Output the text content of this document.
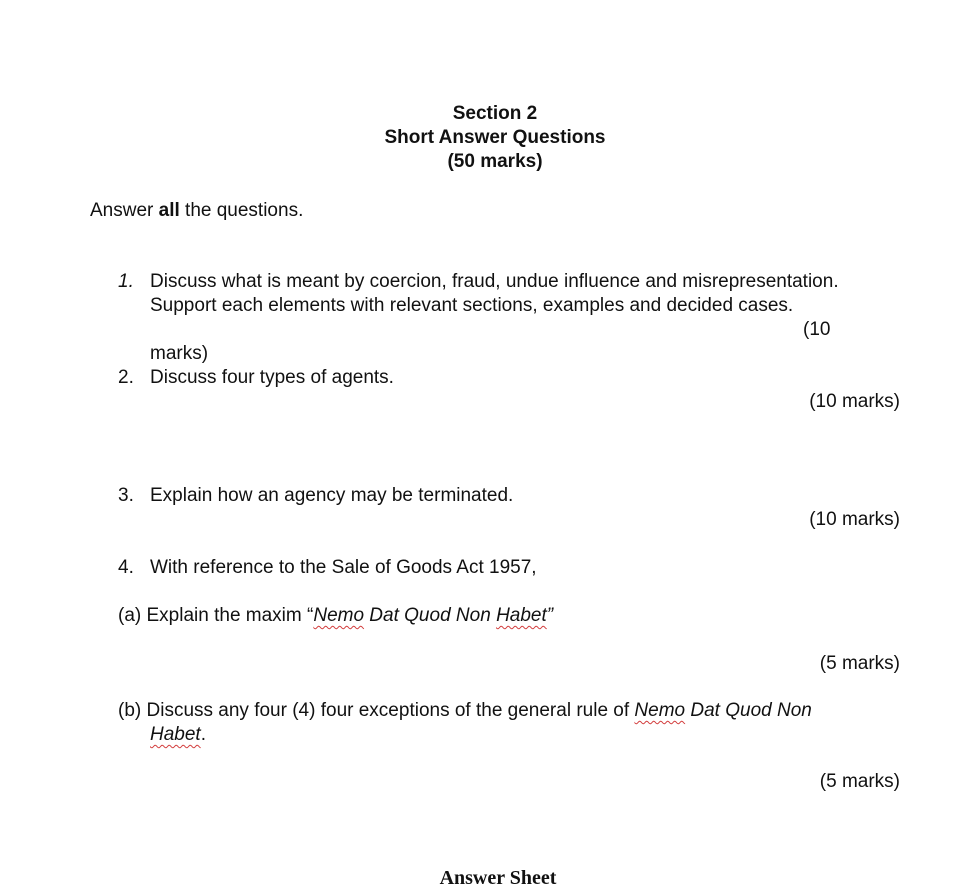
Section 2
Short Answer Questions
(50 marks)
Answer all the questions.
1. Discuss what is meant by coercion, fraud, undue influence and misrepresentation.
Support each elements with relevant sections, examples and decided cases.
(10
marks)
2. Discuss four types of agents.
(10 marks)
3. Explain how an agency may be terminated.
(10 marks)
4. With reference to the Sale of Goods Act 1957,
(a) Explain the maxim “Nemo Dat Quod Non Habet”
(5 marks)
(b) Discuss any four (4) four exceptions of the general rule of Nemo Dat Quod Non
Habet.
(5 marks)
Answer Sheet
